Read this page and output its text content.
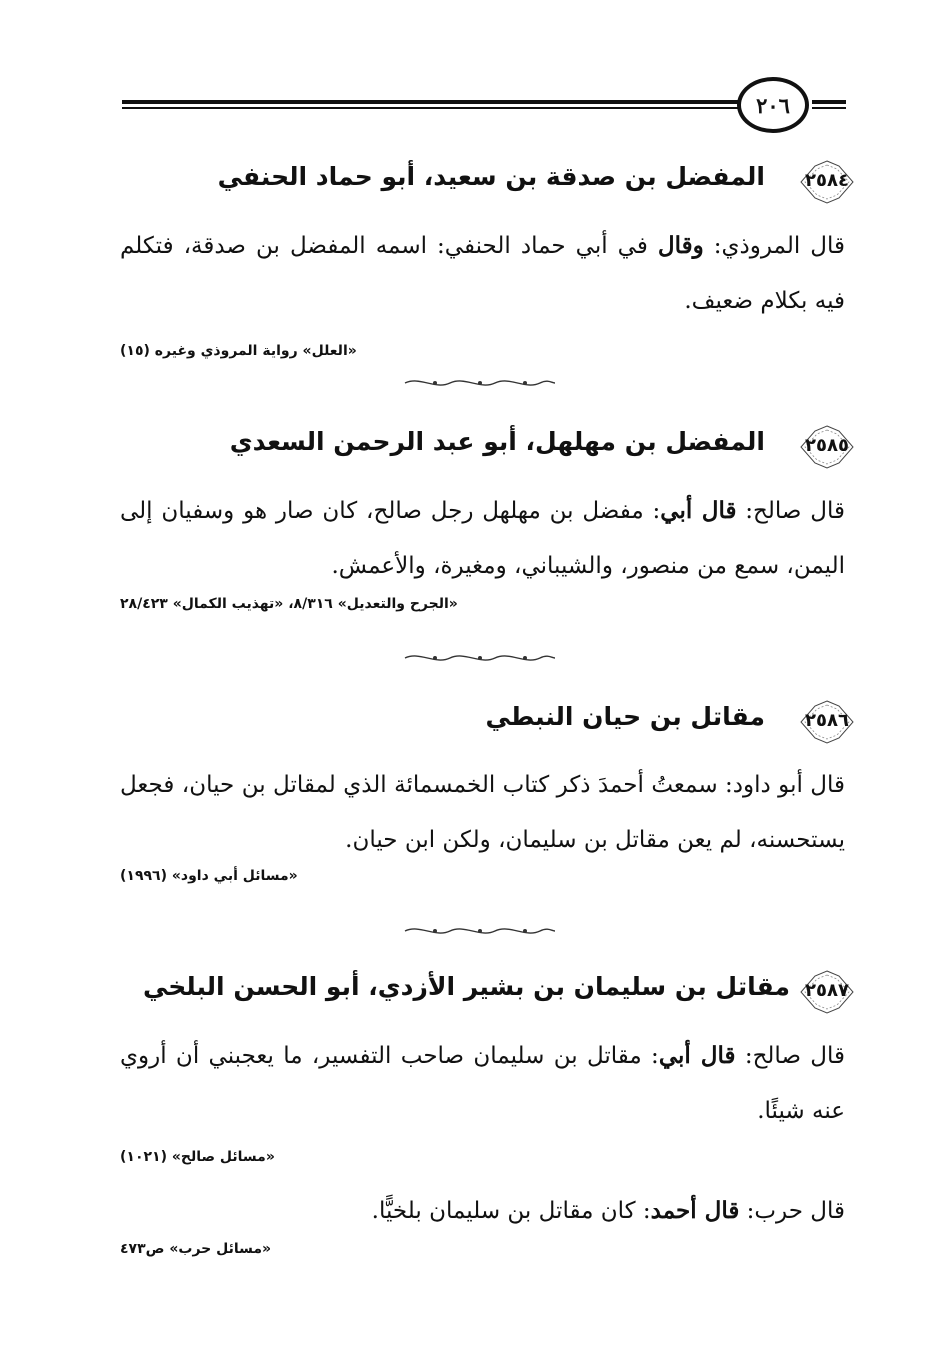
٢٠٦
٢٥٨٤
المفضل بن صدقة بن سعيد، أبو حماد الحنفي
قال المروذي: وقال في أبي حماد الحنفي: اسمه المفضل بن صدقة، فتكلم فيه بكلام ضعيف.
«العلل» رواية المروذي وغيره (١٥)
٢٥٨٥
المفضل بن مهلهل، أبو عبد الرحمن السعدي
قال صالح: قال أبي: مفضل بن مهلهل رجل صالح، كان صار هو وسفيان إلى اليمن، سمع من منصور، والشيباني، ومغيرة، والأعمش.
«الجرح والتعديل» ٨/٣١٦، «تهذيب الكمال» ٢٨/٤٢٣
٢٥٨٦
مقاتل بن حيان النبطي
قال أبو داود: سمعتُ أحمدَ ذكر كتاب الخمسمائة الذي لمقاتل بن حيان، فجعل يستحسنه، لم يعن مقاتل بن سليمان، ولكن ابن حيان.
«مسائل أبي داود» (١٩٩٦)
٢٥٨٧
مقاتل بن سليمان بن بشير الأزدي، أبو الحسن البلخي
قال صالح: قال أبي: مقاتل بن سليمان صاحب التفسير، ما يعجبني أن أروي عنه شيئًا.
«مسائل صالح» (١٠٢١)
قال حرب: قال أحمد: كان مقاتل بن سليمان بلخيًّا.
«مسائل حرب» ص٤٧٣
